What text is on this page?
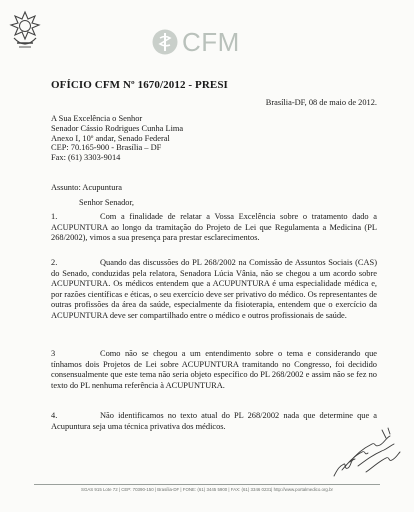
CFM
OFÍCIO CFM Nº 1670/2012 - PRESI
Brasília-DF, 08 de maio de 2012.
A Sua Excelência o Senhor
Senador Cássio Rodrigues Cunha Lima
Anexo I, 10º andar, Senado Federal
CEP: 70.165-900 - Brasília – DF
Fax: (61) 3303-9014
Assunto: Acupuntura
Senhor Senador,
1.	Com a finalidade de relatar a Vossa Excelência sobre o tratamento dado a ACUPUNTURA ao longo da tramitação do Projeto de Lei que Regulamenta a Medicina (PL 268/2002), vimos a sua presença para prestar esclarecimentos.
2.	Quando das discussões do PL 268/2002 na Comissão de Assuntos Sociais (CAS) do Senado, conduzidas pela relatora, Senadora Lúcia Vânia, não se chegou a um acordo sobre ACUPUNTURA. Os médicos entendem que a ACUPUNTURA é uma especialidade médica e, por razões científicas e éticas, o seu exercício deve ser privativo do médico. Os representantes de outras profissões da área da saúde, especialmente da fisioterapia, entendem que o exercício da ACUPUNTURA deve ser compartilhado entre o médico e outros profissionais de saúde.
3	Como não se chegou a um entendimento sobre o tema e considerando que tínhamos dois Projetos de Lei sobre ACUPUNTURA tramitando no Congresso, foi decidido consensualmente que este tema não seria objeto específico do PL 268/2002 e assim não se fez no texto do PL nenhuma referência à ACUPUNTURA.
4.	Não identificamos no texto atual do PL 268/2002 nada que determine que a Acupuntura seja uma técnica privativa dos médicos.
SGAS 915 Lote 72 | CEP: 70390-150 | Brasília-DF | FONE: (61) 3445 5900 | FAX: (61) 3346 0231| http://www.portalmedico.org.br
